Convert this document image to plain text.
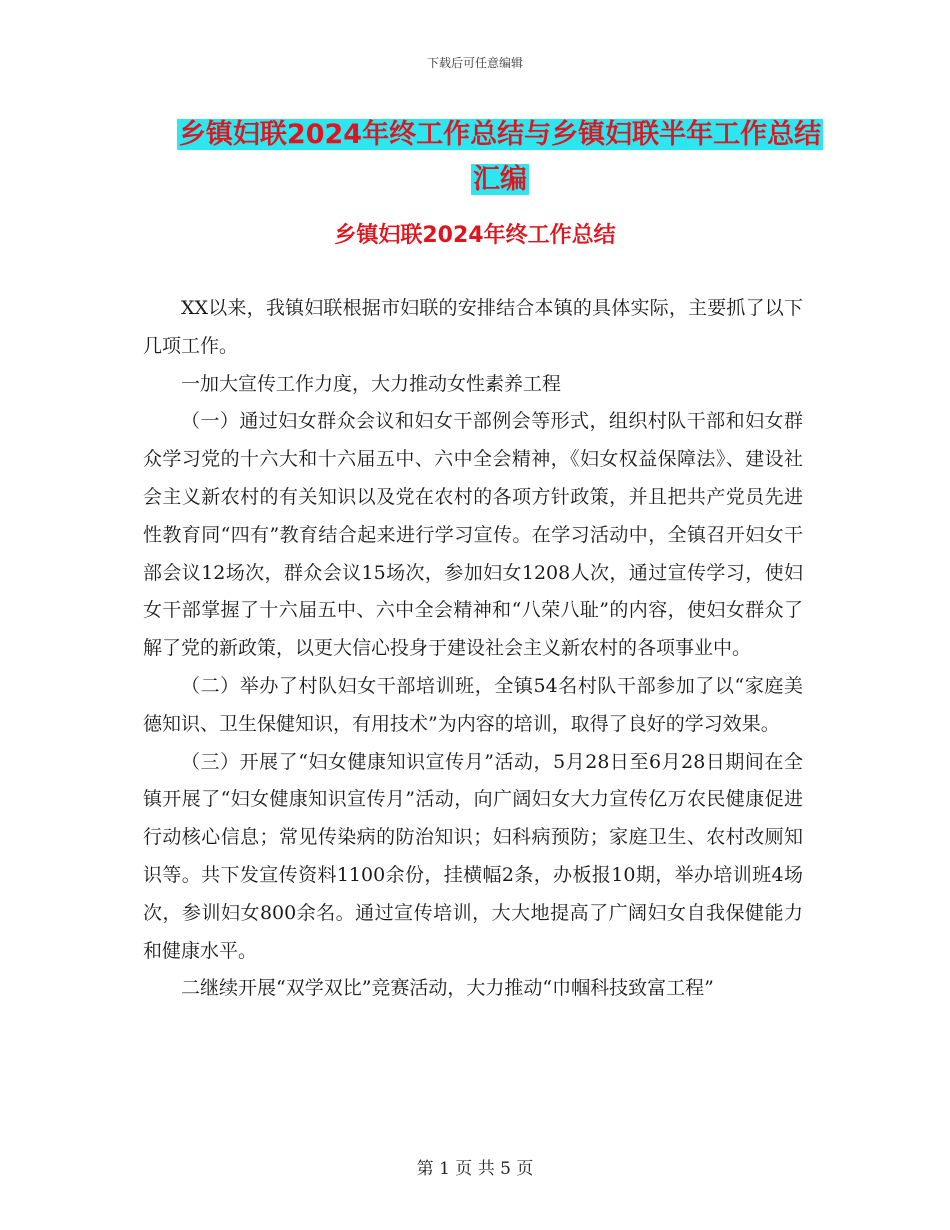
下载后可任意编辑
乡镇妇联2024年终工作总结与乡镇妇联半年工作总结
汇编
乡镇妇联2024年终工作总结

XX以来，我镇妇联根据市妇联的安排结合本镇的具体实际，主要抓了以下几项工作。

一加大宣传工作力度，大力推动女性素养工程

（一）通过妇女群众会议和妇女干部例会等形式，组织村队干部和妇女群众学习党的十六大和十六届五中、六中全会精神，《妇女权益保障法》、建设社会主义新农村的有关知识以及党在农村的各项方针政策，并且把共产党员先进性教育同“四有”教育结合起来进行学习宣传。在学习活动中，全镇召开妇女干部会议12场次，群众会议15场次，参加妇女1208人次，通过宣传学习，使妇女干部掌握了十六届五中、六中全会精神和“八荣八耻”的内容，使妇女群众了解了党的新政策，以更大信心投身于建设社会主义新农村的各项事业中。

（二）举办了村队妇女干部培训班，全镇54名村队干部参加了以“家庭美德知识、卫生保健知识，有用技术”为内容的培训，取得了良好的学习效果。

（三）开展了“妇女健康知识宣传月”活动，5月28日至6月28日期间在全镇开展了“妇女健康知识宣传月”活动，向广阔妇女大力宣传亿万农民健康促进行动核心信息；常见传染病的防治知识；妇科病预防；家庭卫生、农村改厕知识等。共下发宣传资料1100余份，挂横幅2条，办板报10期，举办培训班4场次，参训妇女800余名。通过宣传培训，大大地提高了广阔妇女自我保健能力和健康水平。

二继续开展“双学双比”竞赛活动，大力推动“巾帼科技致富工程”

第 1 页 共 5 页
